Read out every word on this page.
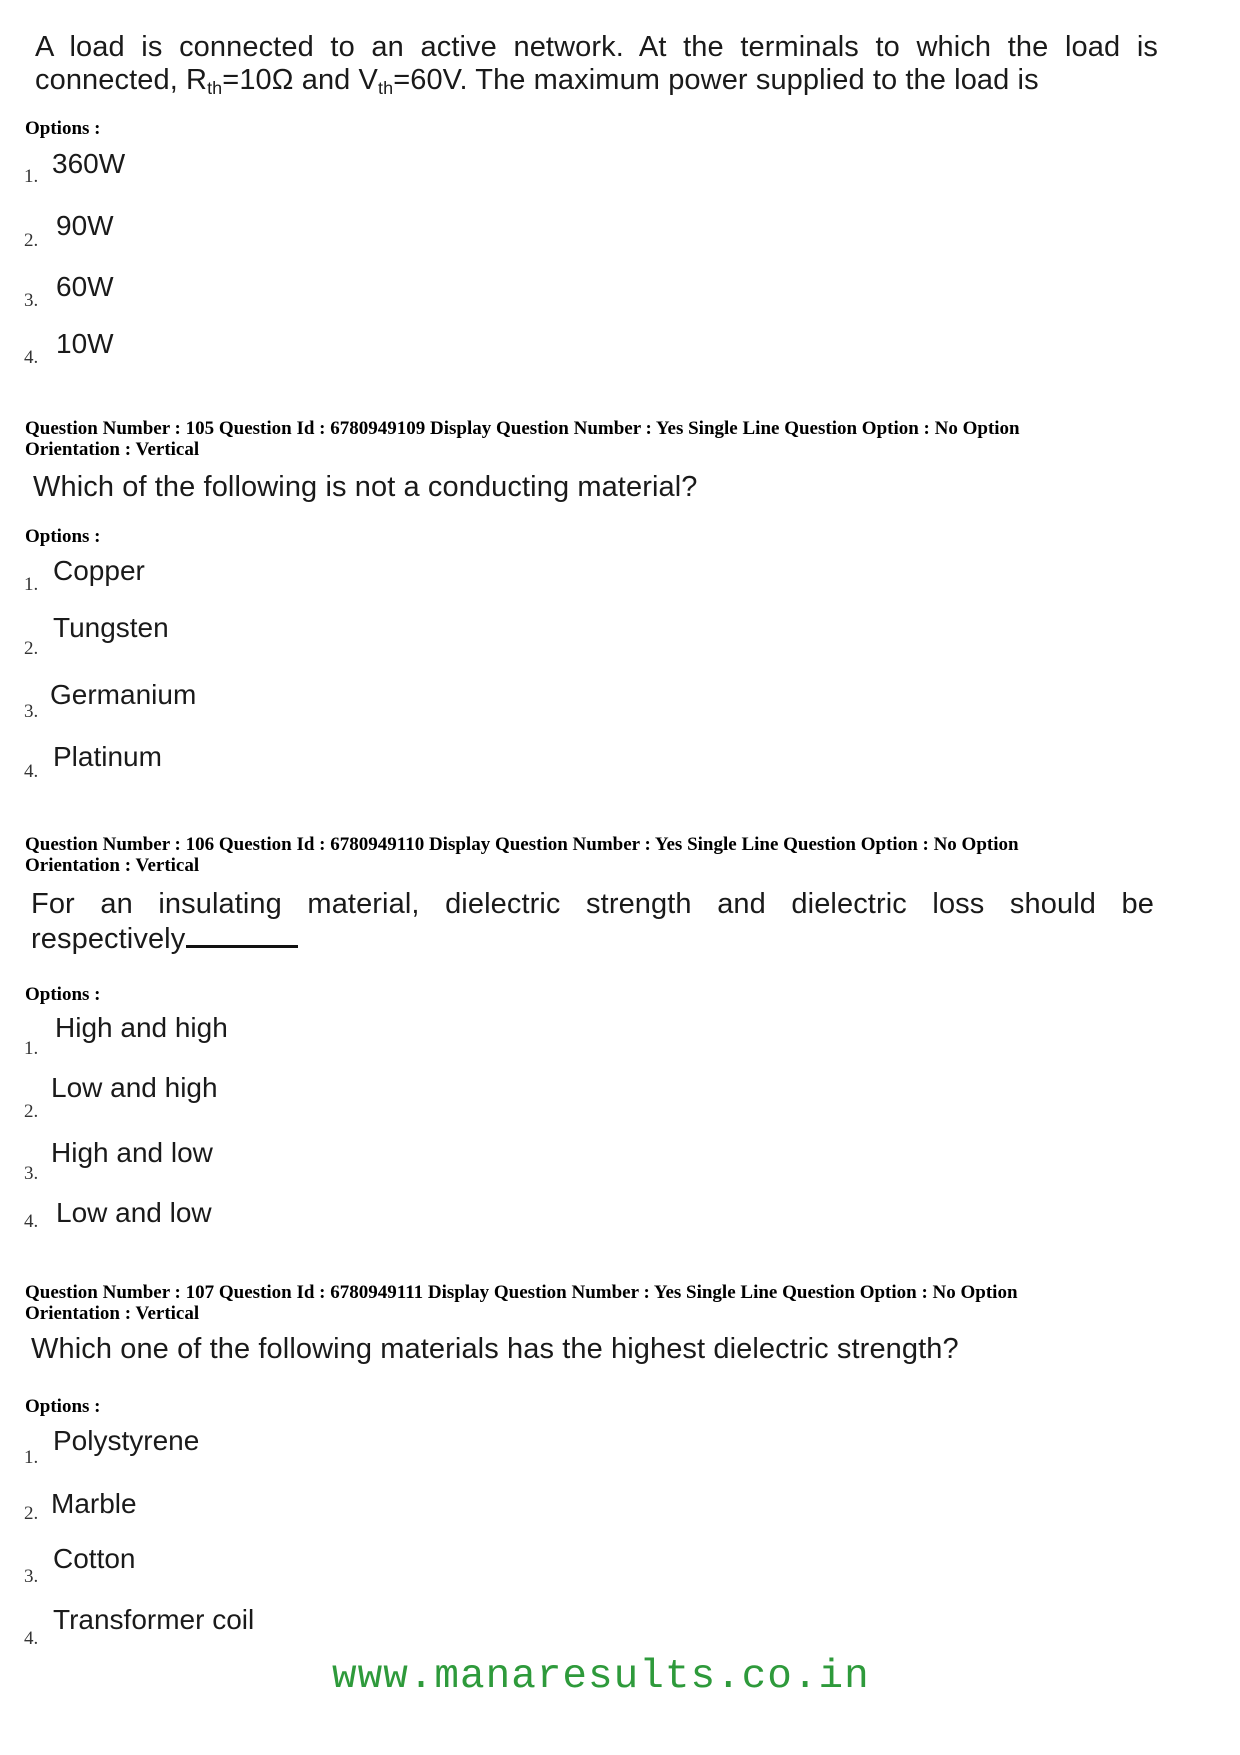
A load is connected to an active network. At the terminals to which the load is
connected, $R_{th}=10\Omega$ and $V_{th}=60V$. The maximum power supplied to the load is
Options :
1. 360W
2. 90W
3. 60W
4. 10W
Question Number : 105 Question Id : 6780949109 Display Question Number : Yes Single Line Question Option : No Option
Orientation : Vertical
Which of the following is not a conducting material?
Options :
1. Copper
2.
Tungsten
3.
Germanium
4. Platinum
Question Number : 106 Question Id : 6780949110 Display Question Number : Yes Single Line Question Option : No Option
Orientation : Vertical
For an insulating material, dielectric strength and dielectric loss should be
respectively
Options :
1.
High and high
2.
Low and high
3.
High and low
4. Low and low
Question Number : 107 Question Id : 6780949111 Display Question Number : Yes Single Line Question Option : No Option
Orientation : Vertical
Which one of the following materials has the highest dielectric strength?
Options :
1.
Polystyrene
2. Marble
3.
Cotton
4.
Transformer coil
www.manaresults.co.in
